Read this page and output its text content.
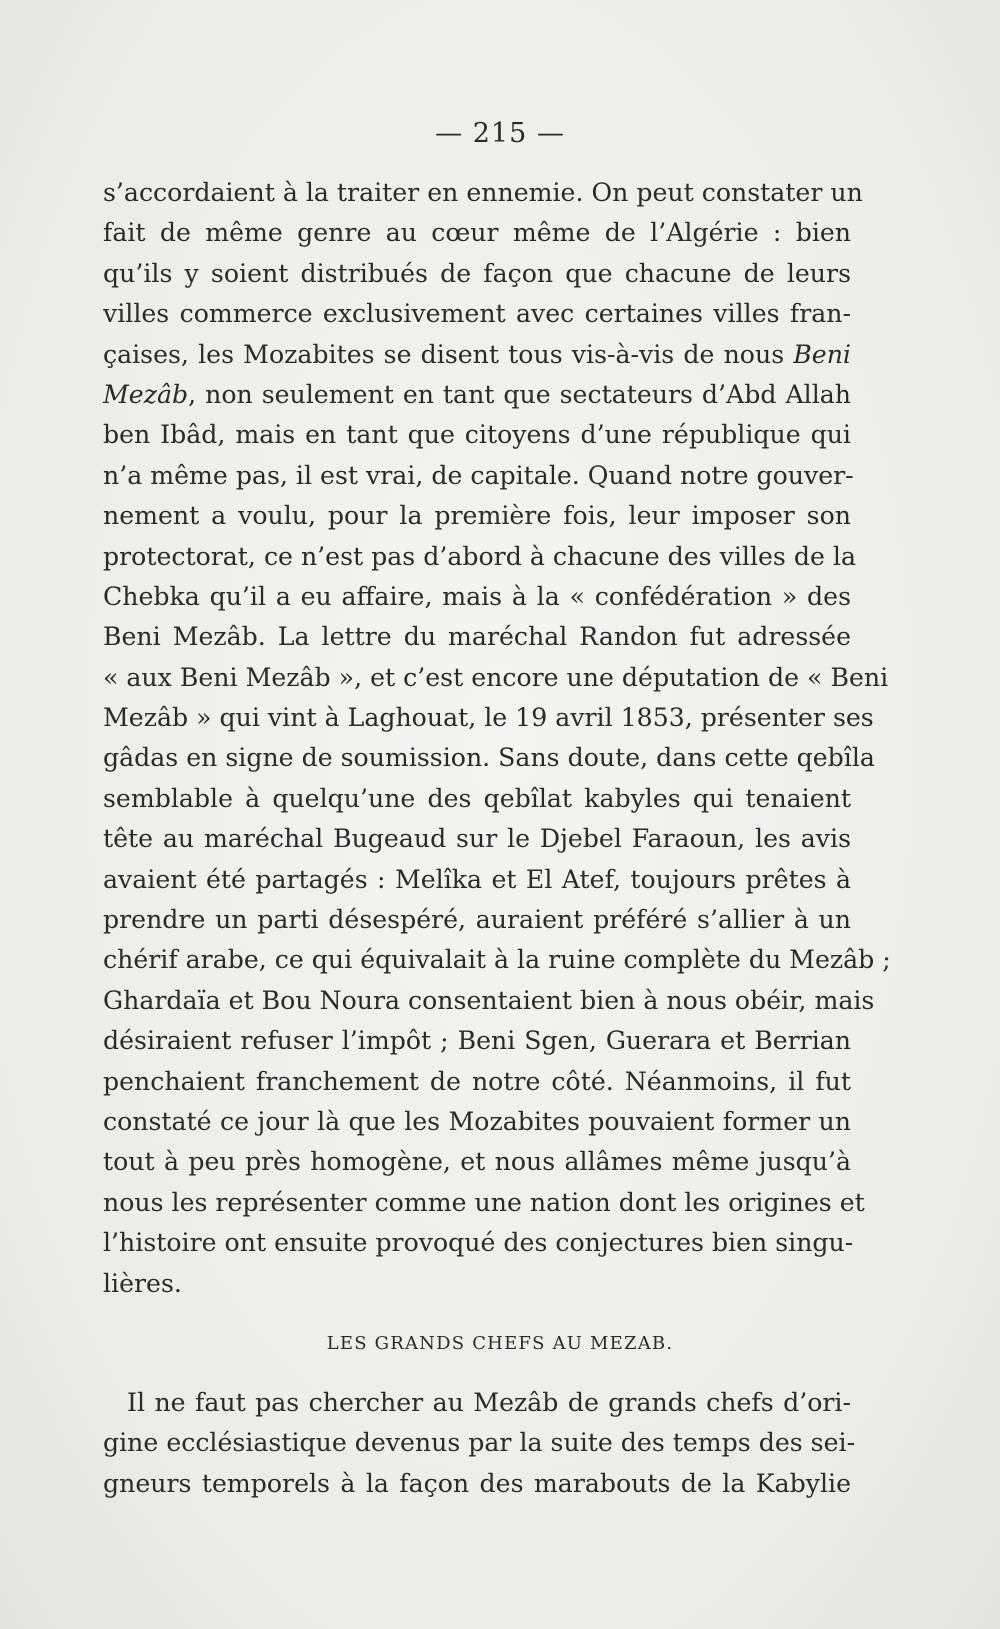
— 215 —
s’accordaient à la traiter en ennemie. On peut constater un
fait de même genre au cœur même de l’Algérie : bien
qu’ils y soient distribués de façon que chacune de leurs
villes commerce exclusivement avec certaines villes fran-
çaises, les Mozabites se disent tous vis-à-vis de nous Beni
Mezâb, non seulement en tant que sectateurs d’Abd Allah
ben Ibâd, mais en tant que citoyens d’une république qui
n’a même pas, il est vrai, de capitale. Quand notre gouver-
nement a voulu, pour la première fois, leur imposer son
protectorat, ce n’est pas d’abord à chacune des villes de la
Chebka qu’il a eu affaire, mais à la « confédération » des
Beni Mezâb. La lettre du maréchal Randon fut adressée
« aux Beni Mezâb », et c’est encore une députation de « Beni
Mezâb » qui vint à Laghouat, le 19 avril 1853, présenter ses
gâdas en signe de soumission. Sans doute, dans cette qebîla
semblable à quelqu’une des qebîlat kabyles qui tenaient
tête au maréchal Bugeaud sur le Djebel Faraoun, les avis
avaient été partagés : Melîka et El Atef, toujours prêtes à
prendre un parti désespéré, auraient préféré s’allier à un
chérif arabe, ce qui équivalait à la ruine complète du Mezâb ;
Ghardaïa et Bou Noura consentaient bien à nous obéir, mais
désiraient refuser l’impôt ; Beni Sgen, Guerara et Berrian
penchaient franchement de notre côté. Néanmoins, il fut
constaté ce jour là que les Mozabites pouvaient former un
tout à peu près homogène, et nous allâmes même jusqu’à
nous les représenter comme une nation dont les origines et
l’histoire ont ensuite provoqué des conjectures bien singu-
lières.
LES GRANDS CHEFS AU MEZAB.
Il ne faut pas chercher au Mezâb de grands chefs d’ori-
gine ecclésiastique devenus par la suite des temps des sei-
gneurs temporels à la façon des marabouts de la Kabylie
